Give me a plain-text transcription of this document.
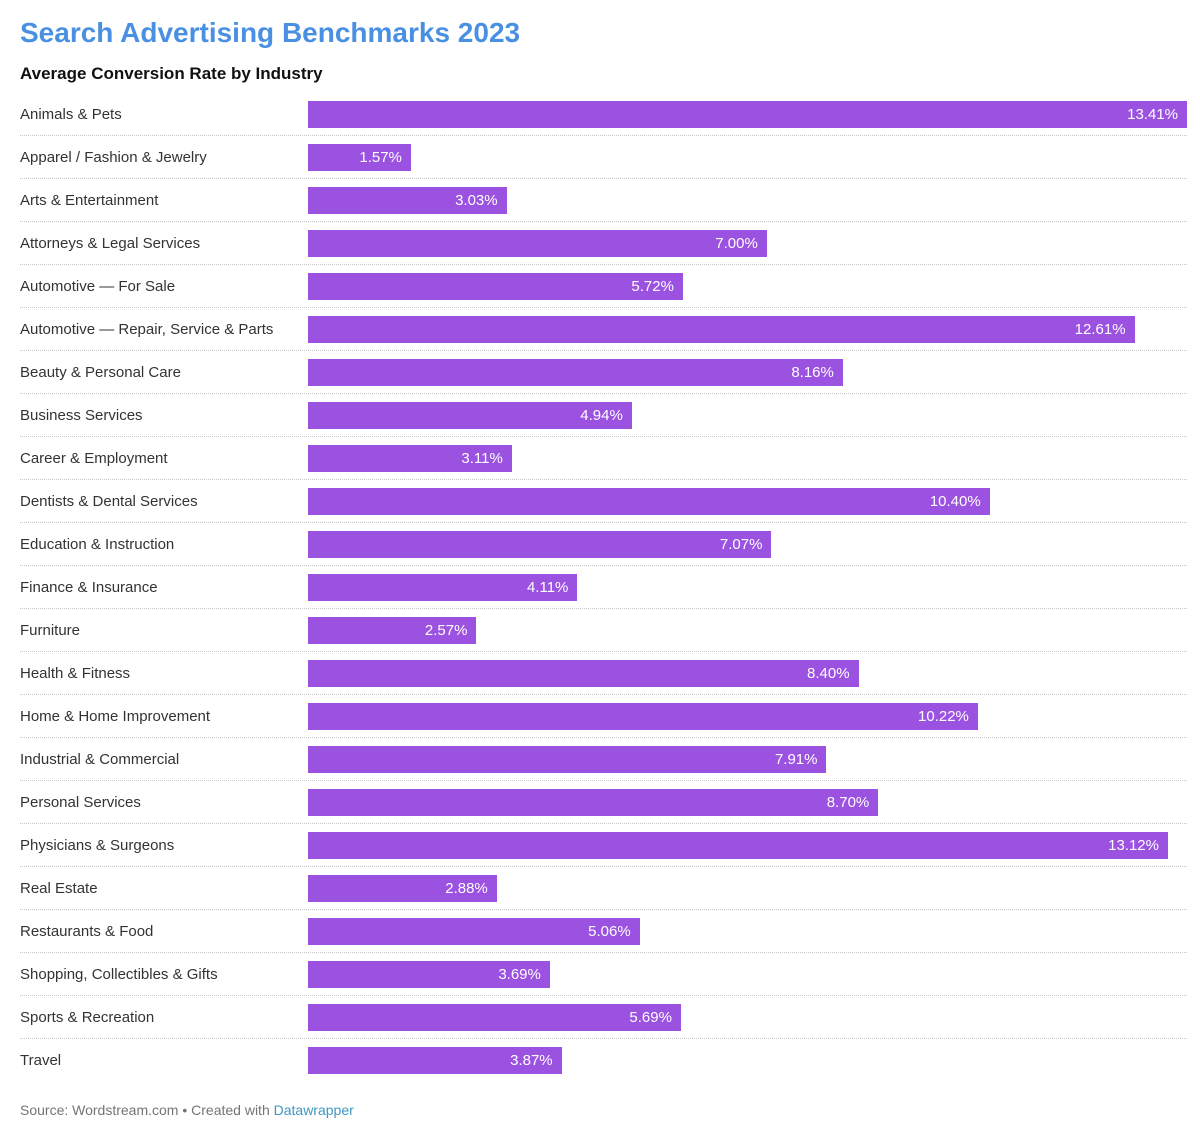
Search Advertising Benchmarks 2023
Average Conversion Rate by Industry
Animals & Pets	13.41%
Apparel / Fashion & Jewelry	1.57%
Arts & Entertainment	3.03%
Attorneys & Legal Services	7.00%
Automotive — For Sale	5.72%
Automotive — Repair, Service & Parts	12.61%
Beauty & Personal Care	8.16%
Business Services	4.94%
Career & Employment	3.11%
Dentists & Dental Services	10.40%
Education & Instruction	7.07%
Finance & Insurance	4.11%
Furniture	2.57%
Health & Fitness	8.40%
Home & Home Improvement	10.22%
Industrial & Commercial	7.91%
Personal Services	8.70%
Physicians & Surgeons	13.12%
Real Estate	2.88%
Restaurants & Food	5.06%
Shopping, Collectibles & Gifts	3.69%
Sports & Recreation	5.69%
Travel	3.87%
Source: Wordstream.com • Created with Datawrapper
